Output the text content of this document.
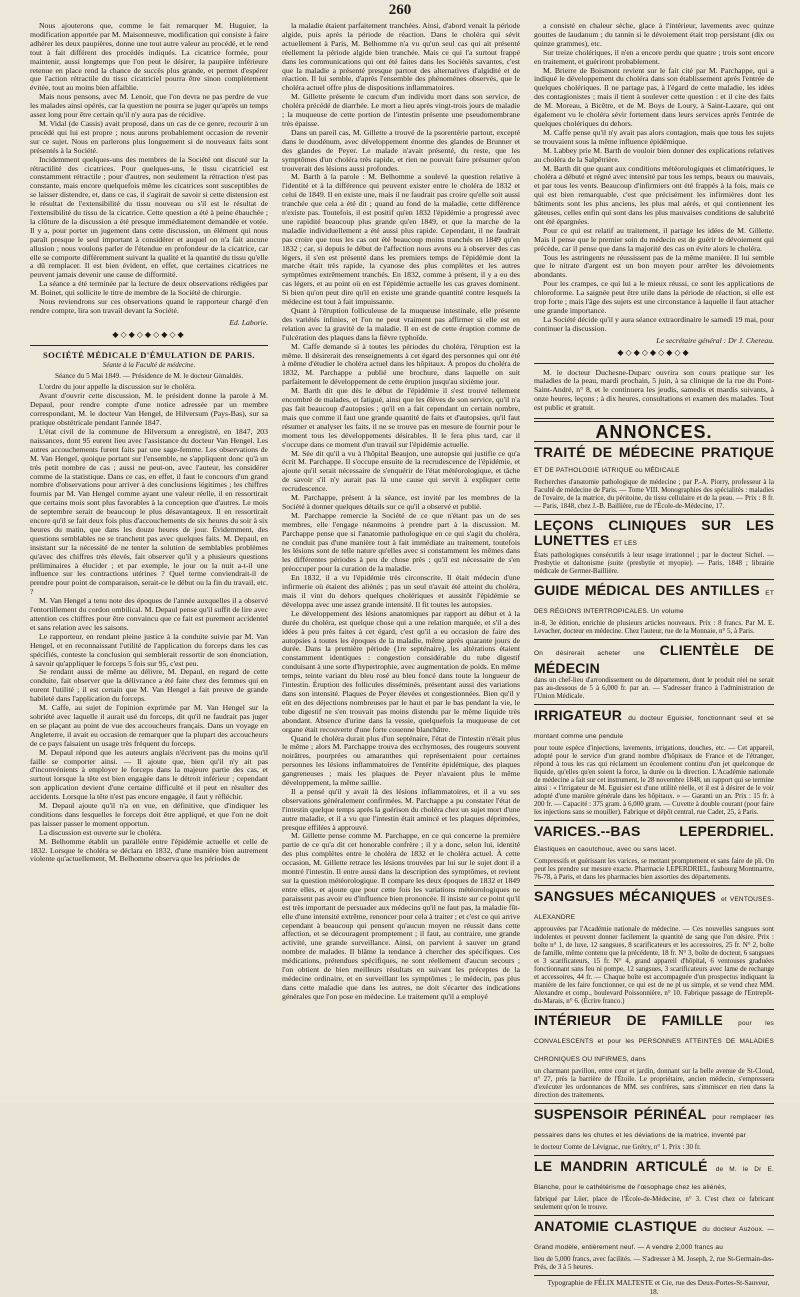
260

Nous ajouterons que, comme le fait remarquer M. Huguier, la modification apportée par M. Maisonneuve, modification qui consiste à faire adhérer les deux paupières, donne une tout autre valeur au procédé, et le rend tout à fait différent des procédés indiqués. La cicatrice formée, pour maintenir, aussi longtemps que l'on peut le désirer, la paupière inférieure retenue en place rend la chance de succès plus grande, et permet d'espérer que l'action rétractile du tissu cicatriciel pourra être sinon complètement évitée, tout au moins bien affaiblie.

Mais nous pensons, avec M. Lenoir, que l'on devra ne pas perdre de vue les malades ainsi opérés, car la question ne pourra se juger qu'après un temps assez long pour être certain qu'il n'y aura pas de récidive.

M. Vidal (de Cassis) avait proposé, dans un cas de ce genre, recourir à un procédé qui lui est propre ; nous aurons probablement occasion de revenir sur ce sujet. Nous en parlerons plus longuement si de nouveaux faits sont présentés à la Société.

Incidemment quelques-uns des membres de la Société ont discuté sur la rétractilité des cicatrices. Pour quelques-uns, le tissu cicatriciel est constamment rétractile ; pour d'autres, non seulement la rétraction n'est pas constante, mais encore quelquefois même les cicatrices sont susceptibles de se laisser distendre, et, dans ce cas, il s'agirait de savoir si cette distension est le résultat de l'extensibilité du tissu nouveau ou s'il est le résultat de l'extensibilité du tissu de la cicatrice. Cette question a été à peine ébauchée ; la clôture de la discussion a été presque immédiatement demandée et votée. Il y a, pour porter un jugement dans cette discussion, un élément qui nous paraît presque le seul important à considérer et auquel on n'a fait aucune allusion ; nous voulons parler de l'étendue en profondeur de la cicatrice, car elle se comporte différemment suivant la qualité et la quantité du tissu qu'elle a dû remplacer. Il est bien évident, en effet, que certaines cicatrices ne peuvent jamais devenir une cause de difformité.

La séance a été terminée par la lecture de deux observations rédigées par M. Boinet, qui sollicite le titre de membre de la Société de chirurgie.

Nous reviendrons sur ces observations quand le rapporteur chargé d'en rendre compte, lira son travail devant la Société.

Ed. Laborie.

◆◇◆◇◆◇◆◇◆
SOCIÉTÉ MÉDICALE D'ÉMULATION DE PARIS.
Séante à la Faculté de médecine.
Séance du 5 Mai 1849. — Présidence de M. le docteur Gimaldès.

L'ordre du jour appelle la discussion sur le choléra.

Avant d'ouvrir cette discussion, M. le président donne la parole à M. Depaul, pour rendre compte d'une notice adressée par un membre correspondant, M. le docteur Van Hengel, de Hilversum (Pays-Bas), sur sa pratique obstétricale pendant l'année 1847.

L'état civil de la commune de Hilversum a enregistré, en 1847, 203 naissances, dont 95 eurent lieu avec l'assistance du docteur Van Hengel. Les autres accouchements furent faits par une sage-femme. Les observations de M. Van Hengel, quoique portant sur l'ensemble, ne s'appliquent donc qu'à un très petit nombre de cas ; aussi ne peut-on, avec l'auteur, les considérer comme de la statistique. Dans ce cas, en effet, il faut le concours d'un grand nombre d'observations pour arriver à des conclusions légitimes ; les chiffres fournis par M. Van Hengel comme ayant une valeur réelle, il en ressortirait que certains mois sont plus favorables à la conception que d'autres. Le mois de septembre serait de beaucoup le plus désavantageux. Il en ressortirait encore qu'il se fait deux fois plus d'accouchements de six heures du soir à six heures du matin, que dans les douze heures de jour. Évidemment, des questions semblables ne se tranchent pas avec quelques faits. M. Depaul, en insistant sur la nécessité de ne tenter la solution de semblables problèmes qu'avec des chiffres très élevés, fait observer qu'il y a plusieurs questions préliminaires à élucider ; et par exemple, le jour ou la nuit a-t-il une influence sur les contractions utérines ? Quel terme conviendrait-il de prendre pour point de comparaison, serait-ce le début ou la fin du travail, etc. ?

M. Van Hengel a tenu note des époques de l'année auxquelles il a observé l'entortillement du cordon ombilical. M. Depaul pense qu'il suffit de lire avec attention ces chiffres pour être convaincu que ce fait est purement accidentel et sans relation avec les saisons.

Le rapporteur, en rendant pleine justice à la conduite suivie par M. Van Hengel, et en reconnaissant l'utilité de l'application du forceps dans les cas spécifiés, conteste la conclusion qui semblerait ressortir de son énonciation, à savoir qu'appliquer le forceps 5 fois sur 95, c'est peu.

Se rendant aussi de même au délivre, M. Depaul, en regard de cette conduite, fait observer que la délivrance a été faite chez des femmes qui en eurent l'utilité ; il est certain que M. Van Hengel a fait preuve de grande habileté dans l'application du forceps.

M. Caffe, au sujet de l'opinion exprimée par M. Van Hengel sur la sobriété avec laquelle il aurait usé du forceps, dit qu'il ne faudrait pas juger en se plaçant au point de vue des accoucheurs français. Dans un voyage en Angleterre, il avait eu occasion de remarquer que la plupart des accoucheurs de ce pays faisaient un usage très fréquent du forceps.

M. Depaul répond que les auteurs anglais n'écrivent pas du moins qu'il faille se comporter ainsi. — Il ajoute que, bien qu'il n'y ait pas d'inconvénients à employer le forceps dans la majeure partie des cas, et surtout lorsque la tête est bien engagée dans le détroit inférieur ; cependant son application devient d'une certaine difficulté et il peut en résulter des accidents. Lorsque la tête n'est pas encore engagée, il faut y réfléchir.

M. Depaul ajoute qu'il n'a en vue, en définitive, que d'indiquer les conditions dans lesquelles le forceps doit être appliqué, et que l'on ne doit pas laisser passer le moment opportun.

La discussion est ouverte sur le choléra.

M. Belhomme établit un parallèle entre l'épidémie actuelle et celle de 1832. Lorsque le choléra se déclara en 1832, d'une manière bien autrement violente qu'actuellement, M. Belhomme observa que les périodes de

la maladie étaient parfaitement tranchées. Ainsi, d'abord venait la période algide, puis après la période de réaction. Dans le choléra qui sévit actuellement à Paris, M. Belhomme n'a vu qu'un seul cas qui ait présenté réellement la période algide bien tranchée. Mais ce qui l'a surtout frappé dans les communications qui ont été faites dans les Sociétés savantes, c'est que la maladie a présenté presque partout des alternatives d'algidité et de réaction. Il lui semble, d'après l'ensemble des phénomènes observés, que le choléra actuel offre plus de dispositions inflammatoires.

M. Gillette présente le cœcum d'un individu mort dans son service, de choléra précédé de diarrhée. Le mort a lieu après vingt-trois jours de maladie ; la muqueuse de cette portion de l'intestin présente une pseudomembrane très épaisse.

Dans un pareil cas, M. Gillette a trouvé de la psorentérie partout, excepté dans le duodénum, avec développement énorme des glandes de Brunner et des glandes de Peyer. Le malade n'avait présenté, du reste, que les symptômes d'un choléra très rapide, et rien ne pouvait faire présumer qu'on trouverait des lésions aussi profondes.

M. Barth à la parole : M. Belhomme a soulevé la question relative à l'identité et à la différence qui peuvent exister entre le choléra de 1832 et celui de 1849. Il en existe une, mais il ne faudrait pas croire qu'elle soit aussi tranchée que cela a été dit ; quand au fond de la maladie, cette différence n'existe pas. Toutefois, il est positif qu'en 1832 l'épidémie a progressé avec une rapidité beaucoup plus grande qu'en 1849, et que la marche de la maladie individuellement a été aussi plus rapide. Cependant, il ne faudrait pas croire que tous les cas ont été beaucoup moins tranchés en 1849 qu'en 1832 ; car, si depuis le début de l'affection nous avons eu à observer des cas légers, il s'en est présenté dans les premiers temps de l'épidémie dont la marche était très rapide, la cyanose des plus complètes et les autres symptômes extrêmement tranchés. En 1832, comme à présent, il y a eu des cas légers, et au point où en est l'épidémie actuelle les cas graves dominent. Si bien qu'on peut dire qu'il en existe une grande quantité contre lesquels la médecine est tout à fait impuissante.

Quant à l'éruption folliculeuse de la muqueuse intestinale, elle présente des variétés infinies, et l'on ne peut vraiment pas affirmer si elle est en relation avec la gravité de la maladie. Il en est de cette éruption comme de l'ulcération des plaques dans la fièvre typhoïde.

M. Caffe demande si à toutes les périodes du choléra, l'éruption est la même. Il désirerait des renseignements à cet égard des personnes qui ont été à même d'étudier le choléra actuel dans les hôpitaux. À propos du choléra de 1832, M. Parchappe a publié une brochure, dans laquelle on suit parfaitement le développement de cette éruption jusqu'au sixième jour.

M. Barth dit que dès le début de l'épidémie il s'est trouvé tellement encombré de malades, et fatigué, ainsi que les élèves de son service, qu'il n'a pas fait beaucoup d'autopsies ; qu'il en a fait cependant un certain nombre, mais que comme il faut une grande quantité de faits et d'autopsies, qu'il faut résumer et analyser les faits, il ne se trouve pas en mesure de fournir pour le moment tous les développements désirables. Il le fera plus tard, car il s'occupe dans ce moment d'un travail sur l'épidémie actuelle.

M. Sée dit qu'il a vu à l'hôpital Beaujon, une autopsie qui justifie ce qu'a écrit M. Parchappe. Il s'occupe ensuite de la recrudescence de l'épidémie, et ajoute qu'il serait nécessaire de s'enquérir de l'état météorologique, et tâche de savoir s'il n'y aurait pas là une cause qui servit à expliquer cette recrudescence.

M. Parchappe, présent à la séance, est invité par les membres de la Société à donner quelques détails sur ce qu'il a observé et publié.

M. Parchappe remercie la Société de ce que n'étant pas un de ses membres, elle l'engage néanmoins à prendre part à la discussion. M. Parchappe pense que si l'anatomie pathologique en ce qui s'agit du choléra, ne conduit pas d'une manière tout à fait immédiate au traitement, toutefois les lésions sont de telle nature qu'elles avec si constamment les mêmes dans les différentes périodes à peu de chose près ; qu'il est nécessaire de s'en préoccuper pour la curation de la maladie.

En 1832, il a vu l'épidémie très circonscrite. Il était médecin d'une infirmerie où étaient des aliénés ; pas un seul n'avait été atteint du choléra, mais il vint du dehors quelques cholériques et aussitôt l'épidémie se développa avec une assez grande intensité. Il fit toutes les autopsies.

Le développement des lésions anatomiques par rapport au début et à la durée du choléra, est quelque chose qui a une relation marquée, et s'il a des idées à peu près faites à cet égard, c'est qu'il a eu occasion de faire des autopsies à toutes les époques de la maladie, même après quarante jours de durée. Dans la première période (1re septénaire), les altérations étaient constamment identiques : congestion considérable du tube digestif conduisant à une sorte d'hypertrophie, avec augmentation de poids. En même temps, teinte variant du bleu rosé au bleu foncé dans toute la longueur de l'intestin. Éruption des follicules disséminés, présentant aussi des variations dans son intensité. Plaques de Peyer élevées et congestionnées. Bien qu'il y eût en des déjections nombreuses par le haut et par le bas pendant la vie, le tube digestif ne s'en trouvait pas moins distendu par le même liquide très abondant. Absence d'urine dans la vessie, quelquefois la muqueuse de cet organe était recouverte d'une forte couenne blanchâtre.

Quand le choléra durait plus d'un septénaire, l'état de l'intestin n'était plus le même ; alors M. Parchappe trouva des ecchymoses, des rougeurs souvent noirâtres, pourprées ou amaranthes qui représentaient pour certaines personnes les lésions inflammatoires de l'entérite épidémique, des plaques gangreneuses ; mais les plaques de Peyer n'avaient plus le même développement, la même saillie.

Il a pensé qu'il y avait là des lésions inflammatoires, et il a vu ses observations généralement confirmées. M. Parchappe a pu constater l'état de l'intestin quelque temps après la guérison du choléra chez un sujet mort d'une autre maladie, et il a vu que l'intestin était amincé et les plaques déprimées, presque effilées à approuvé.

M. Gillette pense comme M. Parchappe, en ce qui concerne la première partie de ce qu'a dit cet honorable confrère ; il y a donc, selon lui, identité des plus complètes entre le choléra de 1832 et le choléra actuel. À cette occasion, M. Gillette retrace les lésions trouvées par lui sur le sujet dont il a montré l'intestin. Il entre aussi dans la description des symptômes, et revient sur la question météorologique. Il compare les deux époques de 1832 et 1849 entre elles, et ajoute que pour cette fois les variations météorologiques ne paraissent pas avoir eu d'influence bien prononcée. Il insiste sur ce point qu'il est très important de persuader aux médecins qu'il ne faut pas, la maladie fût-elle d'une intensité extrême, renoncer pour cela à traiter ; et c'est ce qui arrive cependant à beaucoup qui pensent qu'aucun moyen ne réussit dans cette affection, et se découragent promptement ; il faut, au contraire, une grande activité, une grande surveillance. Ainsi, on parvient à sauver un grand nombre de malades. Il blâme la tendance à chercher des spécifiques. Ces médications, prétendues spécifiques, ne sont réellement d'aucun secours ; l'on obtient de bien meilleurs résultats en suivant les préceptes de la médecine ordinaire, et en surveillant les symptômes ; le médecin, pas plus dans cette maladie que dans les autres, ne doit s'écarter des indications générales que l'on pose en médecine. Le traitement qu'il a employé

a consisté en chaleur sèche, glace à l'intérieur, lavements avec quinze gouttes de laudanum ; du tannin si le dévoiement était trop persistant (dix ou quinze grammes), etc.

Sur treize cholériques, il n'en a encore perdu que quatre ; trois sont encore en traitement, et guériront probablement.

M. Brierre de Boismont revient sur le fait cité par M. Parchappe, qui a indiqué le développement du choléra dans son établissement après l'entrée de quelques cholériques. Il ne partage pas, à l'égard de cette maladie, les idées des contagionistes ; mais il tient à soulever cette question : et il cite des faits de M. Moreau, à Bicêtre, et de M. Boys de Loury, à Saint-Lazare, qui ont également vu le choléra sévir fortement dans leurs services après l'entrée de quelques cholériques du dehors.

M. Caffe pense qu'il n'y avait pas alors contagion, mais que tous les sujets se trouvaient sous la même influence épidémique.

M. Labbey prie M. Barth de vouloir bien donner des explications relatives au choléra de la Salpêtrière.

M. Barth dit que quant aux conditions météorologiques et climatériques, le choléra a débuté et régné avec intensité par tous les temps, beaux ou mauvais, et par tous les vents. Beaucoup d'infirmiers ont été frappés à la fois, mais ce qui est bien remarquable, c'est que précisément les infirmières dont les bâtiments sont les plus anciens, les plus mal aérés, et qui contiennent les gâteuses, celles enfin qui sont dans les plus mauvaises conditions de salubrité ont été épargnées.

Pour ce qui est relatif au traitement, il partage les idées de M. Gillette. Mais il pense que le premier soin du médecin est de guérir le dévoiement qui précède, car il pense que dans la majorité des cas on évite alors le choléra.

Tous les astringents ne réussissent pas de la même manière. Il lui semble que le nitrate d'argent est un bon moyen pour arrêter les dévoiements abondants.

Pour les crampes, ce qui lui a le mieux réussi, ce sont les applications de chloroforme. La saignée peut être utile dans la période de réaction, si elle est trop forte ; mais l'âge des sujets est une circonstance à laquelle il faut attacher une grande importance.

La Société décide qu'il y aura séance extraordinaire le samedi 19 mai, pour continuer la discussion.

Le secrétaire général : Dr J. Chereau.

◆◇◆◇◆◇◆◇◆

M. le docteur Duchesne-Duparc ouvrira son cours pratique sur les maladies de la peau, mardi prochain, 5 juin, à sa clinique de la rue du Pont-Saint-André, n° 8, et le continuera les jeudis, samedis et mardis suivants, à onze heures, leçons ; à dix heures, consultations et examen des malades. Tout est public et gratuit.

ANNONCES.
TRAITÉ DE MÉDECINE PRATIQUE ET DE PATHOLOGIE IATRIQUE ou MÉDICALE

Recherches d'anatomie pathologique de médecine ; par P.-A. Piorry, professeur à la Faculté de médecine de Paris. — Tome VIII. Monographies des spécialités : maladies de l'ovaire, de la matrice, du péritoine, du tissu cellulaire et de la peau. — Prix : 8 fr. — Paris, 1848, chez J.-B. Baillière, rue de l'École-de-Médecine, 17.

LEÇONS CLINIQUES SUR LES LUNETTES ET LES

États pathologiques consécutifs à leur usage irrationnel ; par le docteur Sichel. — Presbytie et daltonisme (suite (presbytie et myopie). — Paris, 1848 ; librairie médicale de Germer-Baillière.

GUIDE MÉDICAL DES ANTILLES ET DES RÉGIONS INTERTROPICALES. Un volume

in-8, 3e édition, enrichie de plusieurs articles nouveaux. Prix : 8 francs. Par M. E. Levacher, docteur en médecine. Chez l'auteur, rue de la Monnaie, n° 5, à Paris.

On désirerait acheter une CLIENTÈLE DE MÉDECIN

dans un chef-lieu d'arrondissement ou de département, dont le produit réel ne serait pas au-dessous de 5 à 6,000 fr. par an. — S'adresser franco à l'administration de l'Union Médicale.

IRRIGATEUR du docteur Eguisier, fonctionnant seul et se montant comme une pendule

pour toute espèce d'injections, lavements, irrigations, douches, etc. — Cet appareil, adopté pour le service d'un grand nombre d'hôpitaux de France et de l'étranger, répond à tous les cas qui réclament un écoulement continu d'un jet quelconque de liquide, qu'elles qu'en soient la force, la durée ou la direction. L'Académie nationale de médecine a fait sur cet instrument, le 28 novembre 1848, un rapport qui se termine ainsi : « l'irrigateur de M. Eguisier est d'une utilité réelle, et il est à désirer de le voir adopté d'une manière générale dans les hôpitaux. » — Garanti un an. Prix : 15 fr. à 200 fr. — Capacité : 375 gram. à 6,000 gram. — Cuvette à double courant (pour faire les injections sans se mouiller). Fabrique et dépôt central, rue Cadet, 25, à Paris.

VARICES.--BAS LEPERDRIEL. Élastiques en caoutchouc, avec ou sans lacet.

Compressifs et guérissant les varices, se mettant promptement et sans faire de pli. On peut les prendre sur mesure exacte. Pharmacie LEPERDRIEL, faubourg Montmartre, 76-78, à Paris, et dans les pharmacies bien assorties des départements.

SANGSUES MÉCANIQUES et VENTOUSES-ALEXANDRE

approuvées par l'Académie nationale de médecine. — Ces nouvelles sangsues sont indolentes et peuvent donner facilement la quantité de sang que l'on désire. Prix : boîte n° 1, de luxe, 12 sangsues, 8 scarificateurs et les accessoires, 25 fr. N° 2, boîte de famille, même contenu que la précédente, 18 fr. N° 3, boîte de docteur, 6 sangsues et 3 scarificateurs, 15 fr. N° 4, grand appareil d'hôpital, 6 ventouses graduées fonctionnant sans feu ni pompe, 12 sangsues, 3 scarificateurs avec lame de rechange et accessoires, 44 fr. — Chaque boîte est accompagnée d'un prospectus indiquant la manière de les faire fonctionner, ce qui est de ne pl us simple, et se vend chez MM. Alexandre et comp., boulevard Poissonnière, n° 10. Fabrique passage de l'Entrepôt-du-Marais, n° 6. (Écrire franco.)

INTÉRIEUR DE FAMILLE pour les CONVALESCENTS et pour les PERSONNES ATTEINTES DE MALADIES CHRONIQUES OU INFIRMES, dans

un charmant pavillon, entre cour et jardin, donnant sur la belle avenue de St-Cloud, n° 27, près la barrière de l'Étoile. Le propriétaire, ancien médecin, s'empressera d'exécuter les ordonnances de MM. ses confrères, sans s'immiscer en rien dans la direction des traitements.

SUSPENSOIR PÉRINÉAL pour remplacer les pessaires dans les chutes et les déviations de la matrice, inventé par

le docteur Comte de Lévignac, rue Grétry, n° 1. Prix : 30 fr.

LE MANDRIN ARTICULÉ de M. le Dr E. Blanche, pour le cathétérisme de l'œsophage chez les aliénés,

fabriqué par Lüer, place de l'École-de-Médecine, n° 3. C'est chez ce fabricant seulement qu'on le trouve.

ANATOMIE CLASTIQUE du docteur Auzoux. — Grand modèle, entièrement neuf. — A vendre 2,000 francs au

lieu de 5,000 francs, avec facilités. — S'adresser à M. Joseph, 2, rue St-Germain-des-Prés, de 3 à 5 heures.

Typographie de FÉLIX MALTESTE et Cie, rue des Deux-Portes-St-Sauveur, 18.
